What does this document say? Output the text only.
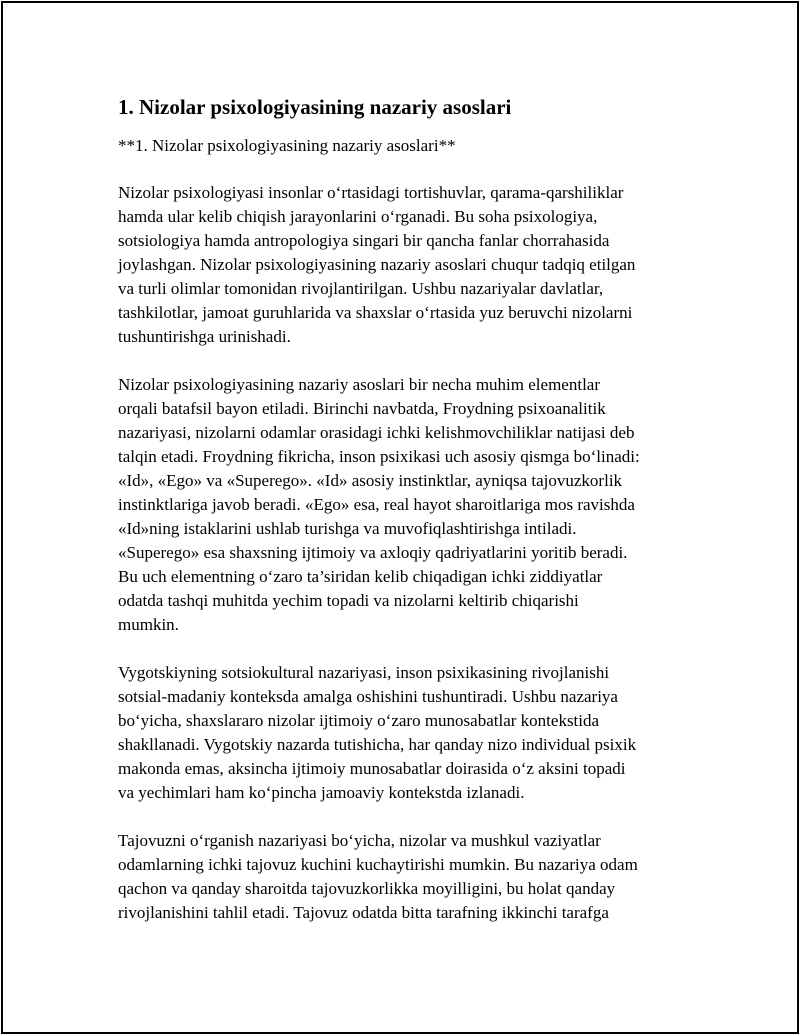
1. Nizolar psixologiyasining nazariy asoslari
**1. Nizolar psixologiyasining nazariy asoslari**

Nizolar psixologiyasi insonlar o‘rtasidagi tortishuvlar, qarama-qarshiliklar
hamda ular kelib chiqish jarayonlarini o‘rganadi. Bu soha psixologiya,
sotsiologiya hamda antropologiya singari bir qancha fanlar chorrahasida
joylashgan. Nizolar psixologiyasining nazariy asoslari chuqur tadqiq etilgan
va turli olimlar tomonidan rivojlantirilgan. Ushbu nazariyalar davlatlar,
tashkilotlar, jamoat guruhlarida va shaxslar o‘rtasida yuz beruvchi nizolarni
tushuntirishga urinishadi.

Nizolar psixologiyasining nazariy asoslari bir necha muhim elementlar
orqali batafsil bayon etiladi. Birinchi navbatda, Froydning psixoanalitik
nazariyasi, nizolarni odamlar orasidagi ichki kelishmovchiliklar natijasi deb
talqin etadi. Froydning fikricha, inson psixikasi uch asosiy qismga bo‘linadi:
«Id», «Ego» va «Superego». «Id» asosiy instinktlar, ayniqsa tajovuzkorlik
instinktlariga javob beradi. «Ego» esa, real hayot sharoitlariga mos ravishda
«Id»ning istaklarini ushlab turishga va muvofiqlashtirishga intiladi.
«Superego» esa shaxsning ijtimoiy va axloqiy qadriyatlarini yoritib beradi.
Bu uch elementning o‘zaro ta’siridan kelib chiqadigan ichki ziddiyatlar
odatda tashqi muhitda yechim topadi va nizolarni keltirib chiqarishi
mumkin.

Vygotskiyning sotsiokultural nazariyasi, inson psixikasining rivojlanishi
sotsial-madaniy konteksda amalga oshishini tushuntiradi. Ushbu nazariya
bo‘yicha, shaxslararo nizolar ijtimoiy o‘zaro munosabatlar kontekstida
shakllanadi. Vygotskiy nazarda tutishicha, har qanday nizo individual psixik
makonda emas, aksincha ijtimoiy munosabatlar doirasida o‘z aksini topadi
va yechimlari ham ko‘pincha jamoaviy kontekstda izlanadi.

Tajovuzni o‘rganish nazariyasi bo‘yicha, nizolar va mushkul vaziyatlar
odamlarning ichki tajovuz kuchini kuchaytirishi mumkin. Bu nazariya odam
qachon va qanday sharoitda tajovuzkorlikka moyilligini, bu holat qanday
rivojlanishini tahlil etadi. Tajovuz odatda bitta tarafning ikkinchi tarafga
